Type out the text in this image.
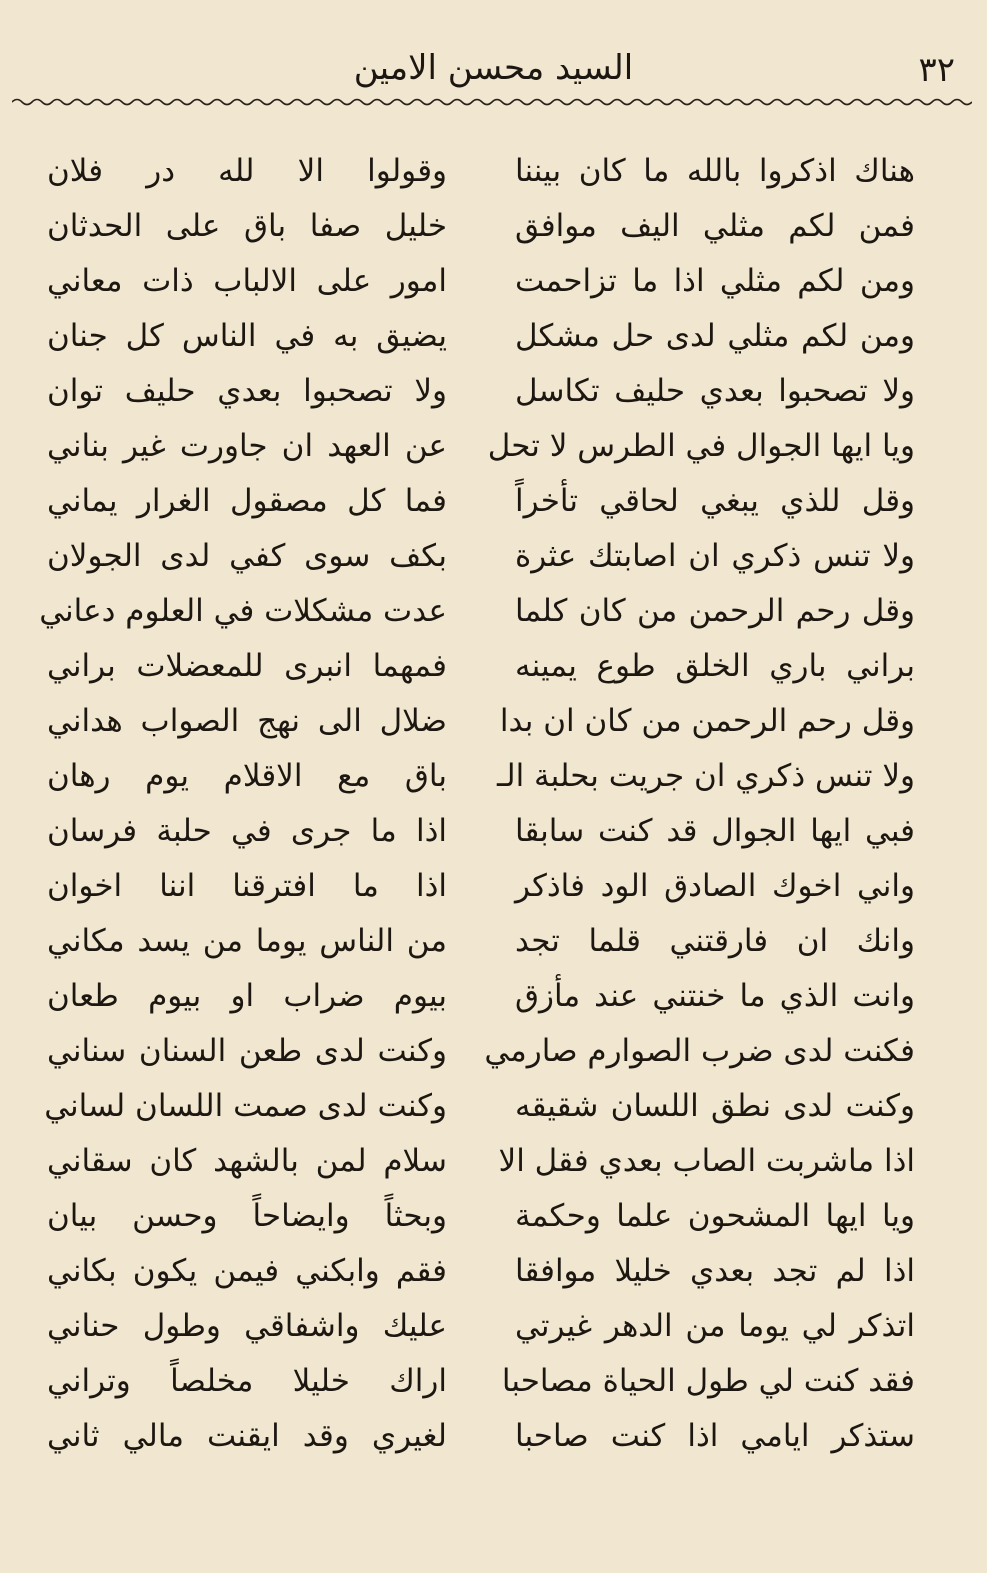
٣٢
السيد محسن الامين
هناك اذكروا بالله ما كان بيننا
فمن لكم مثلي اليف موافق
ومن لكم مثلي اذا ما تزاحمت
ومن لكم مثلي لدى حل مشكل
ولا تصحبوا بعدي حليف تكاسل
ويا ايها الجوال في الطرس لا تحل
وقل للذي يبغي لحاقي تأخراً
ولا تنس ذكري ان اصابتك عثرة
وقل رحم الرحمن من كان كلما
براني باري الخلق طوع يمينه
وقل رحم الرحمن من كان ان بدا
ولا تنس ذكري ان جريت بحلبة الـ
فبي ايها الجوال قد كنت سابقا
واني اخوك الصادق الود فاذكر
وانك ان فارقتني قلما تجد
وانت الذي ما خنتني عند مأزق
فكنت لدى ضرب الصوارم صارمي
وكنت لدى نطق اللسان شقيقه
اذا ماشربت الصاب بعدي فقل الا
ويا ايها المشحون علما وحكمة
اذا لم تجد بعدي خليلا موافقا
اتذكر لي يوما من الدهر غيرتي
فقد كنت لي طول الحياة مصاحبا
ستذكر ايامي اذا كنت صاحبا
وقولوا الا لله در فلان
خليل صفا باق على الحدثان
امور على الالباب ذات معاني
يضيق به في الناس كل جنان
ولا تصحبوا بعدي حليف توان
عن العهد ان جاورت غير بناني
فما كل مصقول الغرار يماني
بكف سوى كفي لدى الجولان
عدت مشكلات في العلوم دعاني
فمهما انبرى للمعضلات براني
ضلال الى نهج الصواب هداني
باق مع الاقلام يوم رهان
اذا ما جرى في حلبة فرسان
اذا ما افترقنا اننا اخوان
من الناس يوما من يسد مكاني
بيوم ضراب او بيوم طعان
وكنت لدى طعن السنان سناني
وكنت لدى صمت اللسان لساني
سلام لمن بالشهد كان سقاني
وبحثاً وايضاحاً وحسن بيان
فقم وابكني فيمن يكون بكاني
عليك واشفاقي وطول حناني
اراك خليلا مخلصاً وتراني
لغيري وقد ايقنت مالي ثاني
